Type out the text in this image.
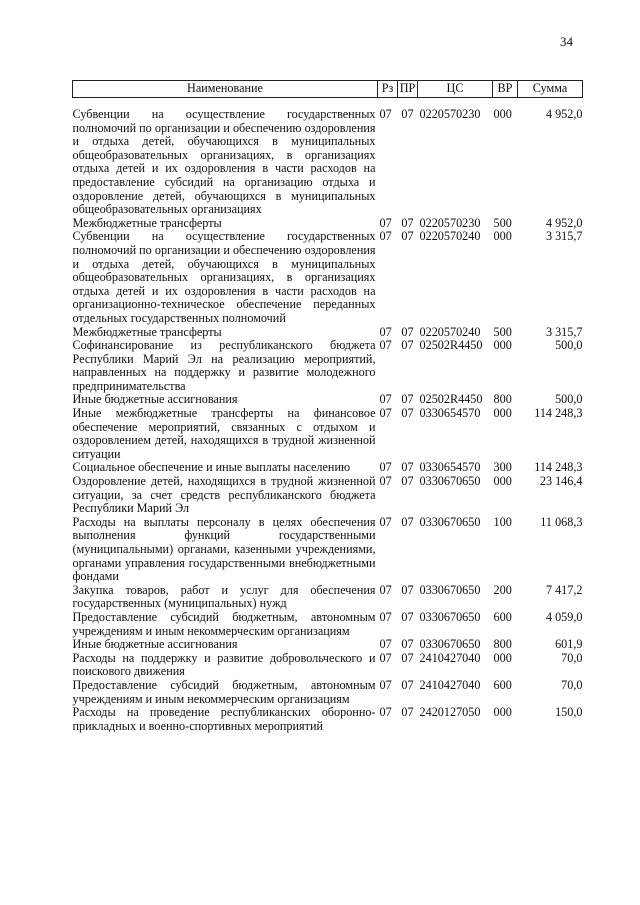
34
Наименование	Рз	ПР	ЦС	ВР	Сумма
Субвенции на осуществление государственных полномочий по организации и обеспечению оздоровления и отдыха детей, обучающихся в муниципальных общеобразовательных организациях, в организациях отдыха детей и их оздоровления в части расходов на предоставление субсидий на организацию отдыха и оздоровление детей, обучающихся в муниципальных общеобразовательных организациях	07	07	0220570230	000	4 952,0
Межбюджетные трансферты	07	07	0220570230	500	4 952,0
Субвенции на осуществление государственных полномочий по организации и обеспечению оздоровления и отдыха детей, обучающихся в муниципальных общеобразовательных организациях, в организациях отдыха детей и их оздоровления в части расходов на организационно-техническое обеспечение переданных отдельных государственных полномочий	07	07	0220570240	000	3 315,7
Межбюджетные трансферты	07	07	0220570240	500	3 315,7
Софинансирование из республиканского бюджета Республики Марий Эл на реализацию мероприятий, направленных на поддержку и развитие молодежного предпринимательства	07	07	02502R4450	000	500,0
Иные бюджетные ассигнования	07	07	02502R4450	800	500,0
Иные межбюджетные трансферты на финансовое обеспечение мероприятий, связанных с отдыхом и оздоровлением детей, находящихся в трудной жизненной ситуации	07	07	0330654570	000	114 248,3
Социальное обеспечение и иные выплаты населению	07	07	0330654570	300	114 248,3
Оздоровление детей, находящихся в трудной жизненной ситуации, за счет средств республиканского бюджета Республики Марий Эл	07	07	0330670650	000	23 146,4
Расходы на выплаты персоналу в целях обеспечения выполнения функций государственными (муниципальными) органами, казенными учреждениями, органами управления государственными внебюджетными фондами	07	07	0330670650	100	11 068,3
Закупка товаров, работ и услуг для обеспечения государственных (муниципальных) нужд	07	07	0330670650	200	7 417,2
Предоставление субсидий бюджетным, автономным учреждениям и иным некоммерческим организациям	07	07	0330670650	600	4 059,0
Иные бюджетные ассигнования	07	07	0330670650	800	601,9
Расходы на поддержку и развитие добровольческого и поискового движения	07	07	2410427040	000	70,0
Предоставление субсидий бюджетным, автономным учреждениям и иным некоммерческим организациям	07	07	2410427040	600	70,0
Расходы на проведение республиканских оборонно-прикладных и военно-спортивных мероприятий	07	07	2420127050	000	150,0
